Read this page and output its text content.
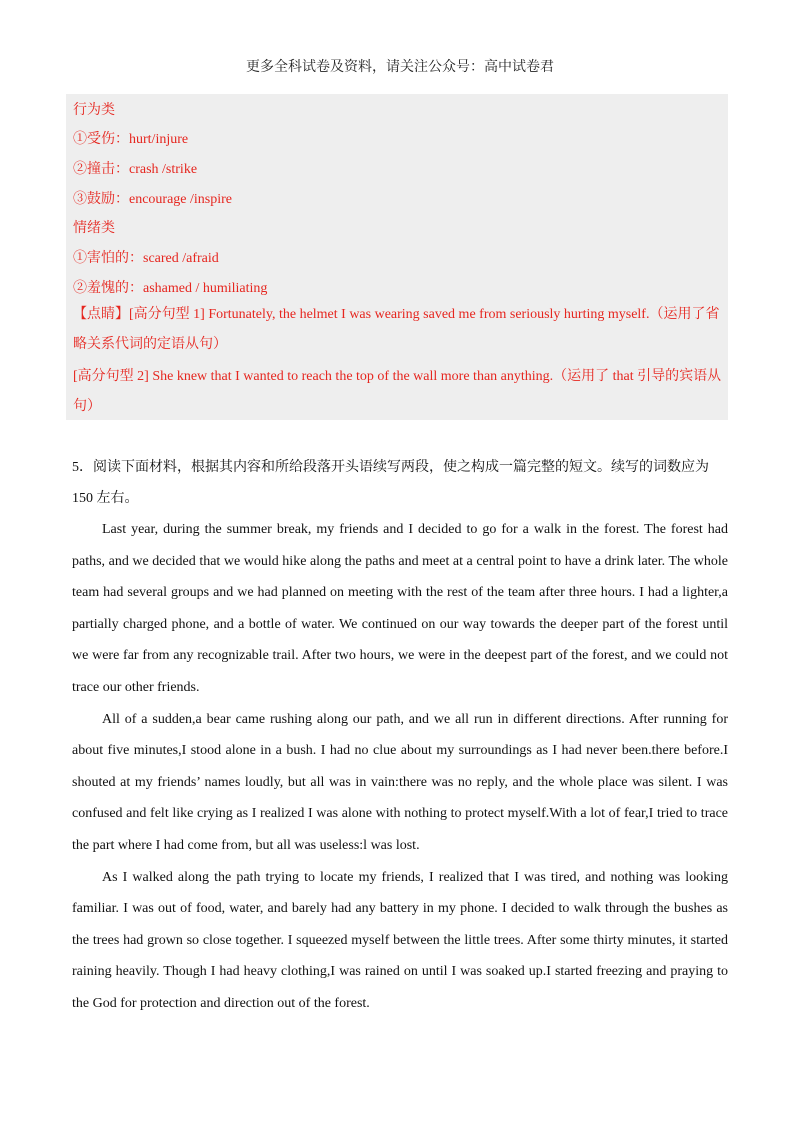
更多全科试卷及资料，请关注公众号：高中试卷君
行为类
①受伤：hurt/injure
②撞击：crash /strike
③鼓励：encourage /inspire
情绪类
①害怕的：scared /afraid
②羞愧的：ashamed / humiliating
【点睛】[高分句型 1] Fortunately, the helmet I was wearing saved me from seriously hurting myself.（运用了省略关系代词的定语从句）
[高分句型 2] She knew that I wanted to reach the top of the wall more than anything.（运用了 that 引导的宾语从句）
5．阅读下面材料，根据其内容和所给段落开头语续写两段，使之构成一篇完整的短文。续写的词数应为 150 左右。

Last year, during the summer break, my friends and I decided to go for a walk in the forest. The forest had paths, and we decided that we would hike along the paths and meet at a central point to have a drink later. The whole team had several groups and we had planned on meeting with the rest of the team after three hours. I had a lighter,a partially charged phone, and a bottle of water. We continued on our way towards the deeper part of the forest until we were far from any recognizable trail. After two hours, we were in the deepest part of the forest, and we could not trace our other friends.

All of a sudden,a bear came rushing along our path, and we all run in different directions. After running for about five minutes,I stood alone in a bush. I had no clue about my surroundings as I had never been.there before.I shouted at my friends’ names loudly, but all was in vain:there was no reply, and the whole place was silent. I was confused and felt like crying as I realized I was alone with nothing to protect myself.With a lot of fear,I tried to trace the part where I had come from, but all was useless:l was lost.

As I walked along the path trying to locate my friends, I realized that I was tired, and nothing was looking familiar. I was out of food, water, and barely had any battery in my phone. I decided to walk through the bushes as the trees had grown so close together. I squeezed myself between the little trees. After some thirty minutes, it started raining heavily. Though I had heavy clothing,I was rained on until I was soaked up.I started freezing and praying to the God for protection and direction out of the forest.
